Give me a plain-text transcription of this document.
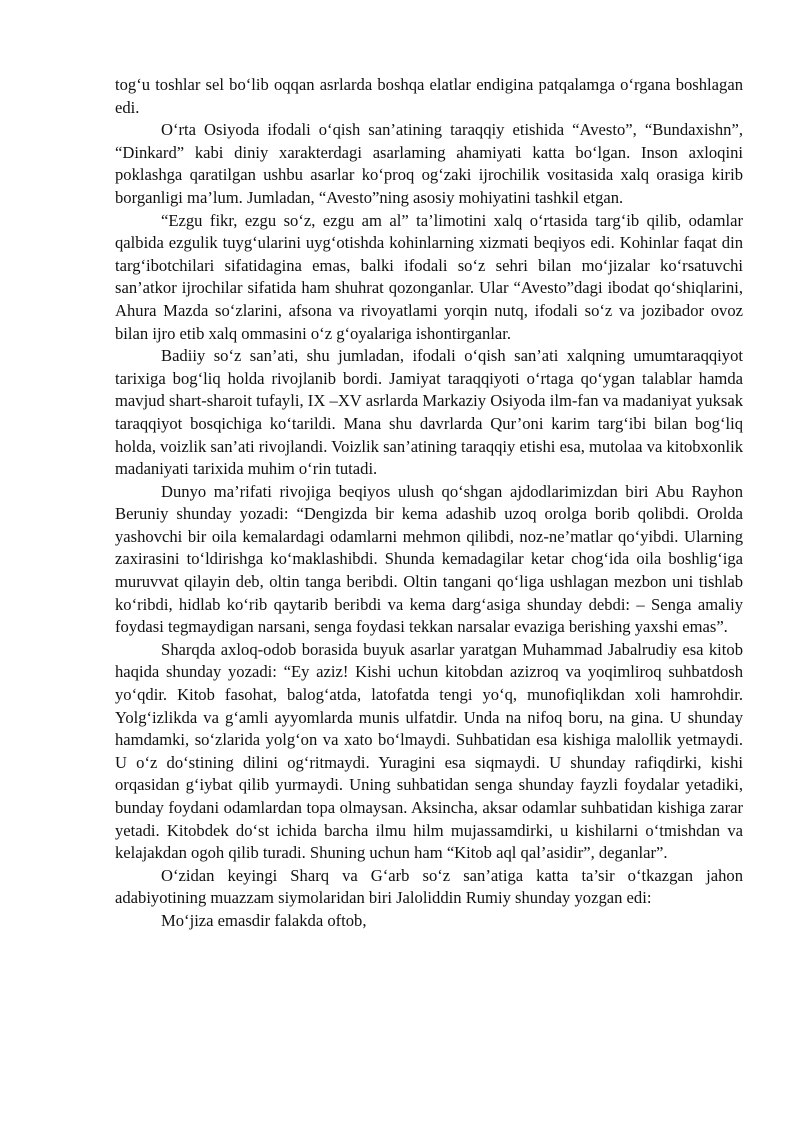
tog‘u toshlar sel bo‘lib oqqan asrlarda boshqa elatlar endigina patqalamga o‘rgana boshlagan edi.

O‘rta Osiyoda ifodali o‘qish san’atining taraqqiy etishida “Avesto”, “Bundaxishn”, “Dinkard” kabi diniy xarakterdagi asarlaming ahamiyati katta bo‘lgan. Inson axloqini poklashga qaratilgan ushbu asarlar ko‘proq og‘zaki ijrochilik vositasida xalq orasiga kirib borganligi ma’lum. Jumladan, “Avesto”ning asosiy mohiyatini tashkil etgan.

“Ezgu fikr, ezgu so‘z, ezgu am al” ta’limotini xalq o‘rtasida targ‘ib qilib, odamlar qalbida ezgulik tuyg‘ularini uyg‘otishda kohinlarning xizmati beqiyos edi. Kohinlar faqat din targ‘ibotchilari sifatidagina emas, balki ifodali so‘z sehri bilan mo‘jizalar ko‘rsatuvchi san’atkor ijrochilar sifatida ham shuhrat qozonganlar. Ular “Avesto”dagi ibodat qo‘shiqlarini, Ahura Mazda so‘zlarini, afsona va rivoyatlami yorqin nutq, ifodali so‘z va jozibador ovoz bilan ijro etib xalq ommasini o‘z g‘oyalariga ishontirganlar.

Badiiy so‘z san’ati, shu jumladan, ifodali o‘qish san’ati xalqning umumtaraqqiyot tarixiga bog‘liq holda rivojlanib bordi. Jamiyat taraqqiyoti o‘rtaga qo‘ygan talablar hamda mavjud shart-sharoit tufayli, IX –XV asrlarda Markaziy Osiyoda ilm-fan va madaniyat yuksak taraqqiyot bosqichiga ko‘tarildi. Mana shu davrlarda Qur’oni karim targ‘ibi bilan bog‘liq holda, voizlik san’ati rivojlandi. Voizlik san’atining taraqqiy etishi esa, mutolaa va kitobxonlik madaniyati tarixida muhim o‘rin tutadi.

Dunyo ma’rifati rivojiga beqiyos ulush qo‘shgan ajdodlarimizdan biri Abu Rayhon Beruniy shunday yozadi: “Dengizda bir kema adashib uzoq orolga borib qolibdi. Orolda yashovchi bir oila kemalardagi odamlarni mehmon qilibdi, noz-ne’matlar qo‘yibdi. Ularning zaxirasini to‘ldirishga ko‘maklashibdi. Shunda kemadagilar ketar chog‘ida oila boshlig‘iga muruvvat qilayin deb, oltin tanga beribdi. Oltin tangani qo‘liga ushlagan mezbon uni tishlab ko‘ribdi, hidlab ko‘rib qaytarib beribdi va kema darg‘asiga shunday debdi: – Senga amaliy foydasi tegmaydigan narsani, senga foydasi tekkan narsalar evaziga berishing yaxshi emas”.

Sharqda axloq-odob borasida buyuk asarlar yaratgan Muhammad Jabalrudiy esa kitob haqida shunday yozadi: “Ey aziz! Kishi uchun kitobdan azizroq va yoqimliroq suhbatdosh yo‘qdir. Kitob fasohat, balog‘atda, latofatda tengi yo‘q, munofiqlikdan xoli hamrohdir. Yolg‘izlikda va g‘amli ayyomlarda munis ulfatdir. Unda na nifoq boru, na gina. U shunday hamdamki, so‘zlarida yolg‘on va xato bo‘lmaydi. Suhbatidan esa kishiga malollik yetmaydi. U o‘z do‘stining dilini og‘ritmaydi. Yuragini esa siqmaydi. U shunday rafiqdirki, kishi orqasidan g‘iybat qilib yurmaydi. Uning suhbatidan senga shunday fayzli foydalar yetadiki, bunday foydani odamlardan topa olmaysan. Aksincha, aksar odamlar suhbatidan kishiga zarar yetadi. Kitobdek do‘st ichida barcha ilmu hilm mujassamdirki, u kishilarni o‘tmishdan va kelajakdan ogoh qilib turadi. Shuning uchun ham “Kitob aql qal’asidir”, deganlar”.

O‘zidan keyingi Sharq va G‘arb so‘z san’atiga katta ta’sir o‘tkazgan jahon adabiyotining muazzam siymolaridan biri Jaloliddin Rumiy shunday yozgan edi:

Mo‘jiza emasdir falakda oftob,
